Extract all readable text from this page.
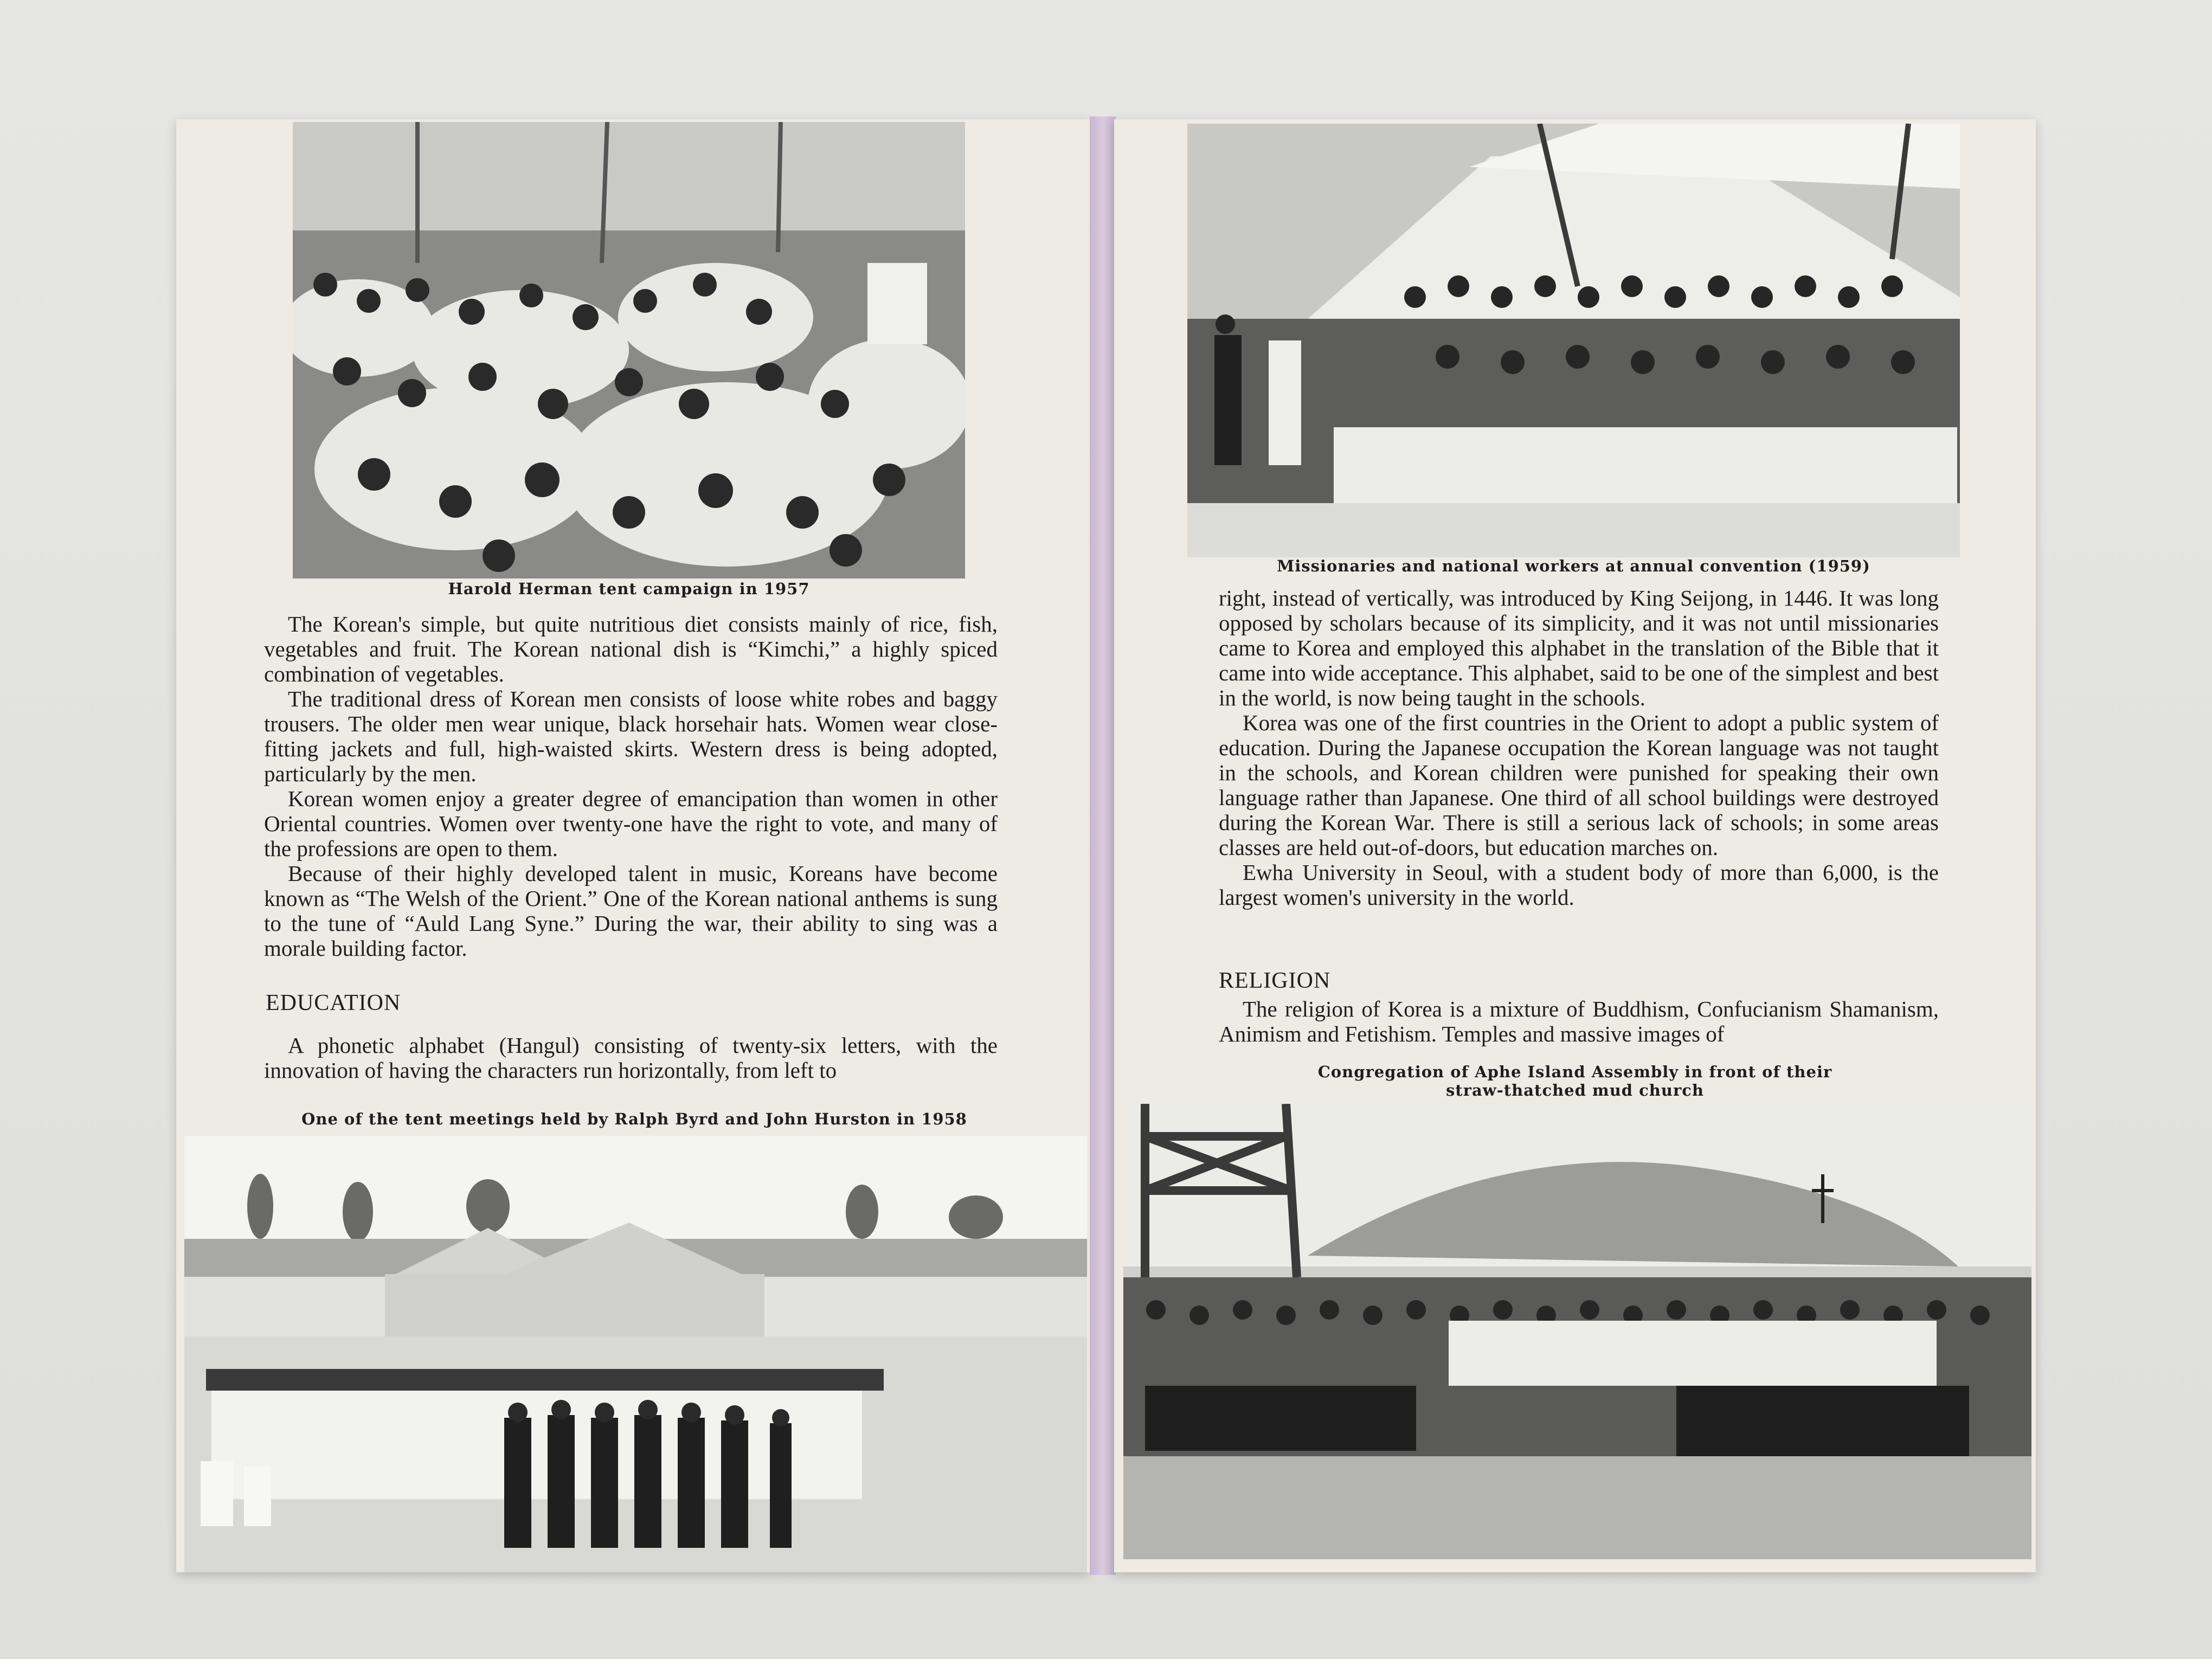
Harold Herman tent campaign in 1957

The Korean's simple, but quite nutritious diet consists mainly of rice, fish, vegetables and fruit. The Korean national dish is “Kimchi,” a highly spiced combination of vegetables.

The traditional dress of Korean men consists of loose white robes and baggy trousers. The older men wear unique, black horsehair hats. Women wear close-fitting jackets and full, high-waisted skirts. Western dress is being adopted, particularly by the men.

Korean women enjoy a greater degree of emancipation than women in other Oriental countries. Women over twenty-one have the right to vote, and many of the professions are open to them.

Because of their highly developed talent in music, Koreans have become known as “The Welsh of the Orient.” One of the Korean national anthems is sung to the tune of “Auld Lang Syne.” During the war, their ability to sing was a morale building factor.

EDUCATION

A phonetic alphabet (Hangul) consisting of twenty-six letters, with the innovation of having the characters run horizontally, from left to

One of the tent meetings held by Ralph Byrd and John Hurston in 1958
Missionaries and national workers at annual convention (1959)

right, instead of vertically, was introduced by King Seijong, in 1446. It was long opposed by scholars because of its simplicity, and it was not until missionaries came to Korea and employed this alphabet in the translation of the Bible that it came into wide acceptance. This alphabet, said to be one of the simplest and best in the world, is now being taught in the schools.

Korea was one of the first countries in the Orient to adopt a public system of education. During the Japanese occupation the Korean language was not taught in the schools, and Korean children were punished for speaking their own language rather than Japanese. One third of all school buildings were destroyed during the Korean War. There is still a serious lack of schools; in some areas classes are held out-of-doors, but education marches on.

Ewha University in Seoul, with a student body of more than 6,000, is the largest women's university in the world.

RELIGION

The religion of Korea is a mixture of Buddhism, Confucianism Shamanism, Animism and Fetishism. Temples and massive images of

Congregation of Aphe Island Assembly in front of their
straw-thatched mud church
